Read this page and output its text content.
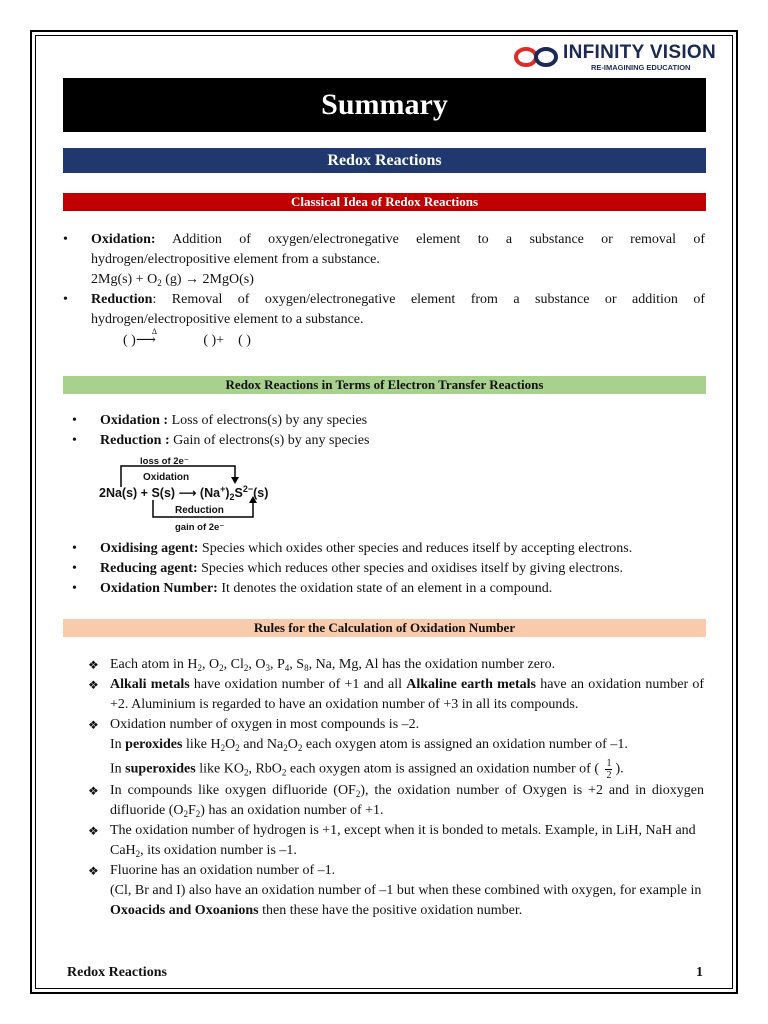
INFINITY VISION
RE-IMAGINING EDUCATION
Summary
Redox Reactions
Classical Idea of Redox Reactions
• Oxidation: Addition of oxygen/electronegative element to a substance or removal of hydrogen/electropositive element from a substance.
$2Mg(s) + O_2$ (g) → 2MgO(s)
• Reduction: Removal of oxygen/electronegative element from a substance or addition of hydrogen/electropositive element to a substance.
( )
Δ
⟶	( )+ ( )
Redox Reactions in Terms of Electron Transfer Reactions
• Oxidation : Loss of electrons(s) by any species
• Reduction : Gain of electrons(s) by any species
loss of 2e⁻
Oxidation
2Na(s) + S(s) ⟶ $(Na^+)_2S^{2-}(s)$
Reduction
gain of 2e⁻
• Oxidising agent: Species which oxides other species and reduces itself by accepting electrons.
• Reducing agent: Species which reduces other species and oxidises itself by giving electrons.
• Oxidation Number: It denotes the oxidation state of an element in a compound.
Rules for the Calculation of Oxidation Number
❖ Each atom in $H_2$, $O_2$, $Cl_2$, $O_3$, $P_4$, $S_8$, Na, Mg, Al has the oxidation number zero.
❖ Alkali metals have oxidation number of +1 and all Alkaline earth metals have an oxidation number of +2. Aluminium is regarded to have an oxidation number of +3 in all its compounds.
❖ Oxidation number of oxygen in most compounds is –2.
In peroxides like $H_2O_2$ and $Na_2O_2$ each oxygen atom is assigned an oxidation number of –1.
In superoxides like $KO_2$, RbO$_2$ each oxygen atom is assigned an oxidation number of ( $\frac{1}{2}$ ).
❖ In compounds like oxygen difluoride $(OF_2)$, the oxidation number of Oxygen is +2 and in dioxygen difluoride $(O_2F_2)$ has an oxidation number of +1.
❖ The oxidation number of hydrogen is +1, except when it is bonded to metals. Example, in LiH, NaH and CaH$_2$, its oxidation number is –1.
❖ Fluorine has an oxidation number of –1.
(Cl, Br and I) also have an oxidation number of –1 but when these combined with oxygen, for example in Oxoacids and Oxoanions then these have the positive oxidation number.
Redox Reactions	1
